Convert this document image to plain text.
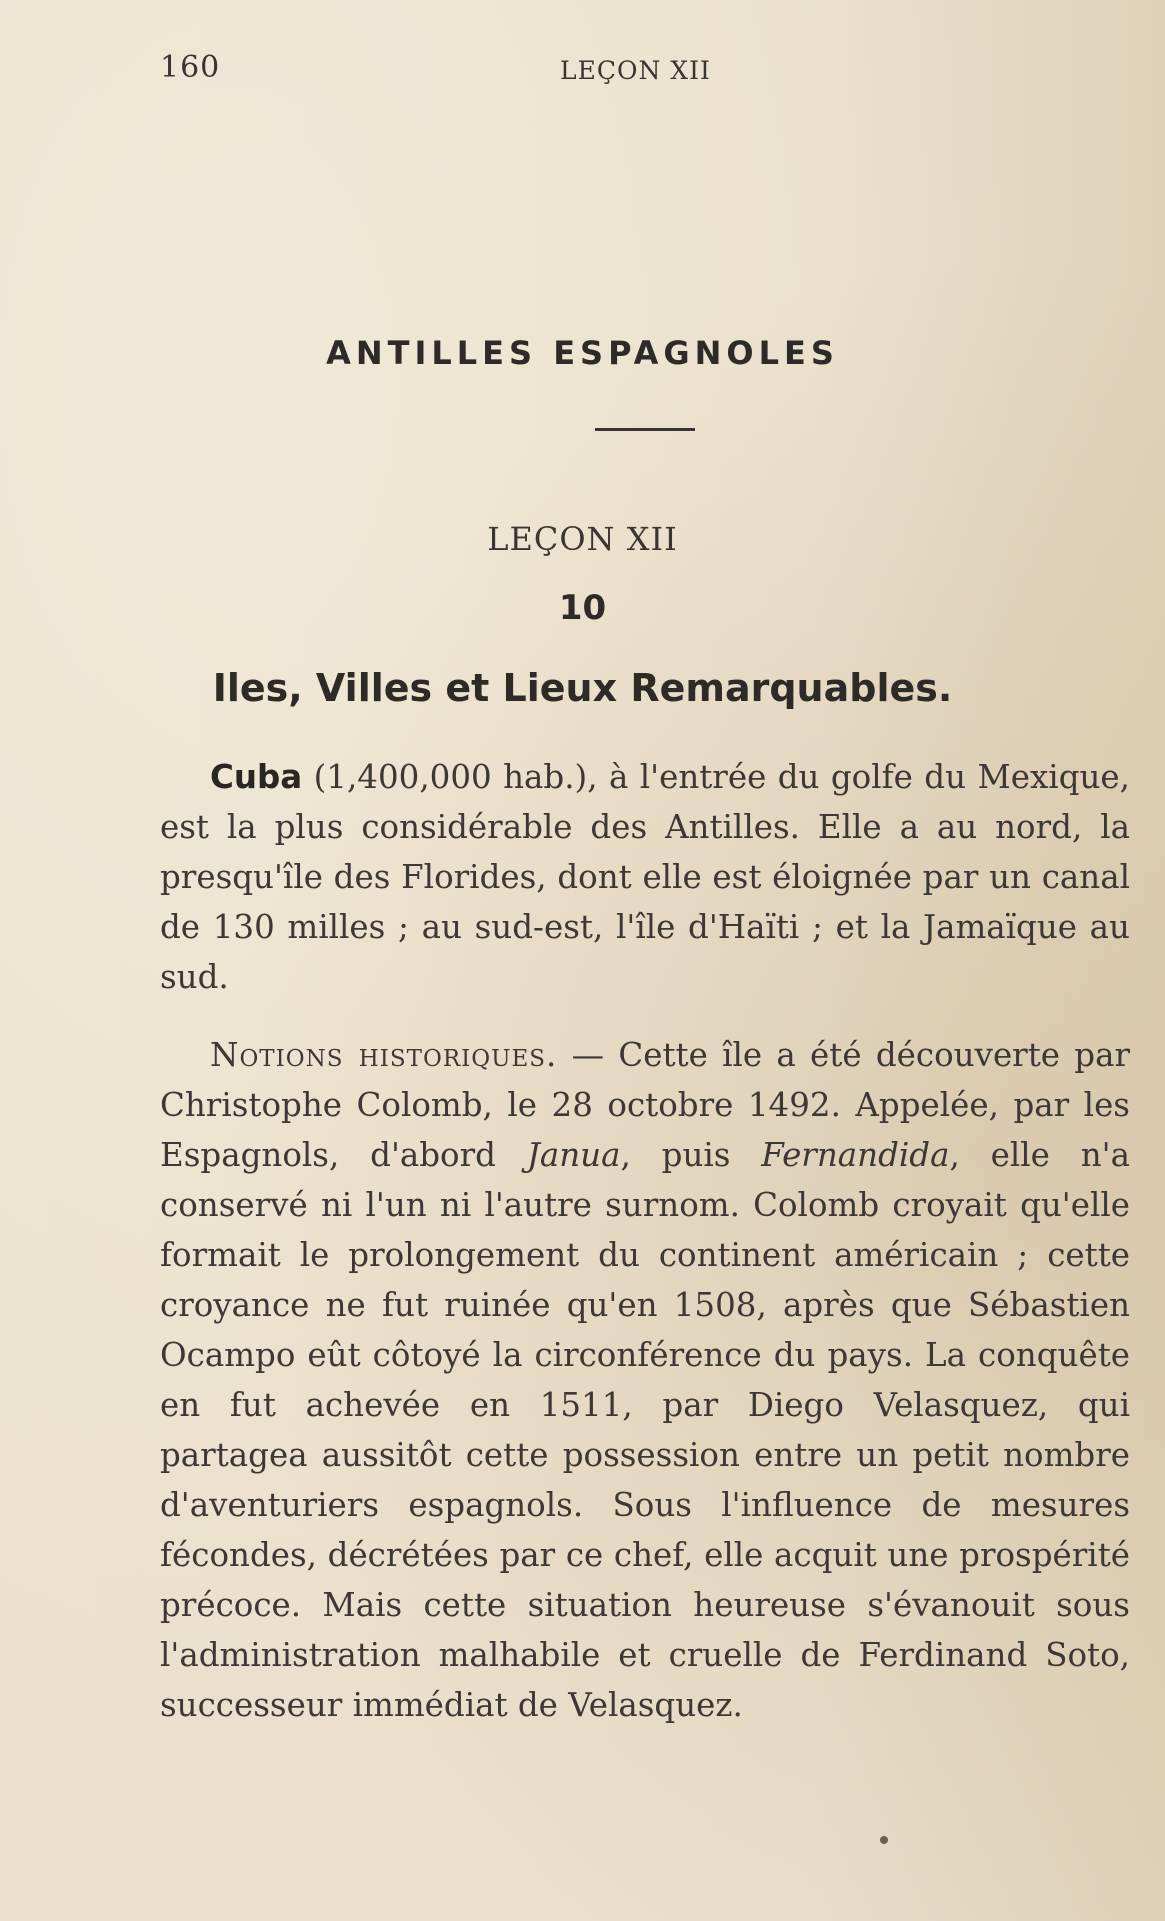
160	LEÇON XII
ANTILLES ESPAGNOLES
LEÇON XII
10
Iles, Villes et Lieux Remarquables.
Cuba (1,400,000 hab.), à l'entrée du golfe du Mexique, est la plus considérable des Antilles. Elle a au nord, la presqu'île des Florides, dont elle est éloignée par un canal de 130 milles ; au sud-est, l'île d'Haïti ; et la Jamaïque au sud.
Notions historiques. — Cette île a été découverte par Christophe Colomb, le 28 octobre 1492. Appelée, par les Espagnols, d'abord Janua, puis Fernandida, elle n'a conservé ni l'un ni l'autre surnom. Colomb croyait qu'elle formait le prolongement du continent américain ; cette croyance ne fut ruinée qu'en 1508, après que Sébastien Ocampo eût côtoyé la circonférence du pays. La conquête en fut achevée en 1511, par Diego Velasquez, qui partagea aussitôt cette possession entre un petit nombre d'aventuriers espagnols. Sous l'influence de mesures fécondes, décrétées par ce chef, elle acquit une prospérité précoce. Mais cette situation heureuse s'évanouit sous l'administration malhabile et cruelle de Ferdinand Soto, successeur immédiat de Velasquez.
